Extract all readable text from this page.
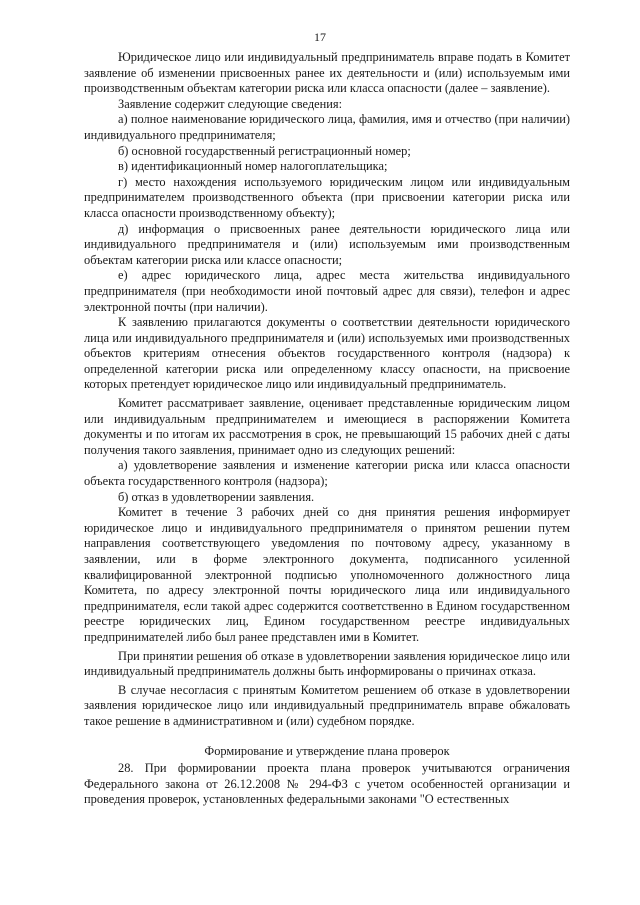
17

Юридическое лицо или индивидуальный предприниматель вправе подать в Комитет заявление об изменении присвоенных ранее их деятельности и (или) используемым ими производственным объектам категории риска или класса опасности (далее – заявление).

Заявление содержит следующие сведения:

а) полное наименование юридического лица, фамилия, имя и отчество (при наличии) индивидуального предпринимателя;

б) основной государственный регистрационный номер;

в) идентификационный номер налогоплательщика;

г) место нахождения используемого юридическим лицом или индивидуальным предпринимателем производственного объекта (при присвоении категории риска или класса опасности производственному объекту);

д) информация о присвоенных ранее деятельности юридического лица или индивидуального предпринимателя и (или) используемым ими производственным объектам категории риска или классе опасности;

е) адрес юридического лица, адрес места жительства индивидуального предпринимателя (при необходимости иной почтовый адрес для связи), телефон и адрес электронной почты (при наличии).

К заявлению прилагаются документы о соответствии деятельности юридического лица или индивидуального предпринимателя и (или) используемых ими производственных объектов критериям отнесения объектов государственного контроля (надзора) к определенной категории риска или определенному классу опасности, на присвоение которых претендует юридическое лицо или индивидуальный предприниматель.

Комитет рассматривает заявление, оценивает представленные юридическим лицом или индивидуальным предпринимателем и имеющиеся в распоряжении Комитета документы и по итогам их рассмотрения в срок, не превышающий 15 рабочих дней с даты получения такого заявления, принимает одно из следующих решений:

а) удовлетворение заявления и изменение категории риска или класса опасности объекта государственного контроля (надзора);

б) отказ в удовлетворении заявления.

Комитет в течение 3 рабочих дней со дня принятия решения информирует юридическое лицо и индивидуального предпринимателя о принятом решении путем направления соответствующего уведомления по почтовому адресу, указанному в заявлении, или в форме электронного документа, подписанного усиленной квалифицированной электронной подписью уполномоченного должностного лица Комитета, по адресу электронной почты юридического лица или индивидуального предпринимателя, если такой адрес содержится соответственно в Едином государственном реестре юридических лиц, Едином государственном реестре индивидуальных предпринимателей либо был ранее представлен ими в Комитет.

При принятии решения об отказе в удовлетворении заявления юридическое лицо или индивидуальный предприниматель должны быть информированы о причинах отказа.

В случае несогласия с принятым Комитетом решением об отказе в удовлетворении заявления юридическое лицо или индивидуальный предприниматель вправе обжаловать такое решение в административном и (или) судебном порядке.

Формирование и утверждение плана проверок

28. При формировании проекта плана проверок учитываются ограничения Федерального закона от 26.12.2008 № 294-ФЗ с учетом особенностей организации и проведения проверок, установленных федеральными законами "О естественных
